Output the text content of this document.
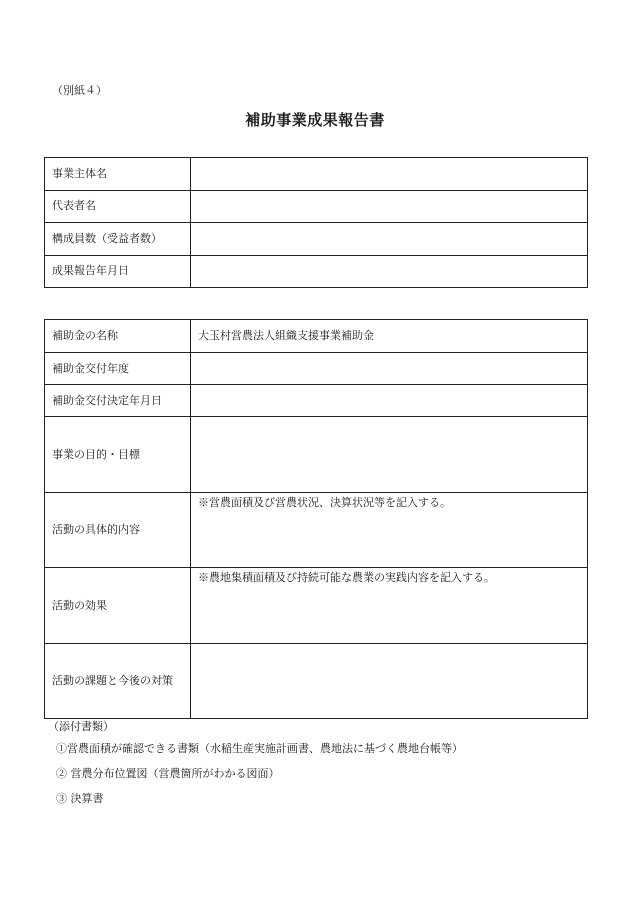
（別紙４）
補助事業成果報告書
事業主体名	
代表者名	
構成員数（受益者数）	
成果報告年月日	
補助金の名称	大玉村営農法人組織支援事業補助金
補助金交付年度	
補助金交付決定年月日	
事業の目的・目標	
活動の具体的内容	※営農面積及び営農状況、決算状況等を記入する。
活動の効果	※農地集積面積及び持続可能な農業の実践内容を記入する。
活動の課題と今後の対策	
（添付書類）
①営農面積が確認できる書類（水稲生産実施計画書、農地法に基づく農地台帳等）
② 営農分布位置図（営農箇所がわかる図面）
③ 決算書
